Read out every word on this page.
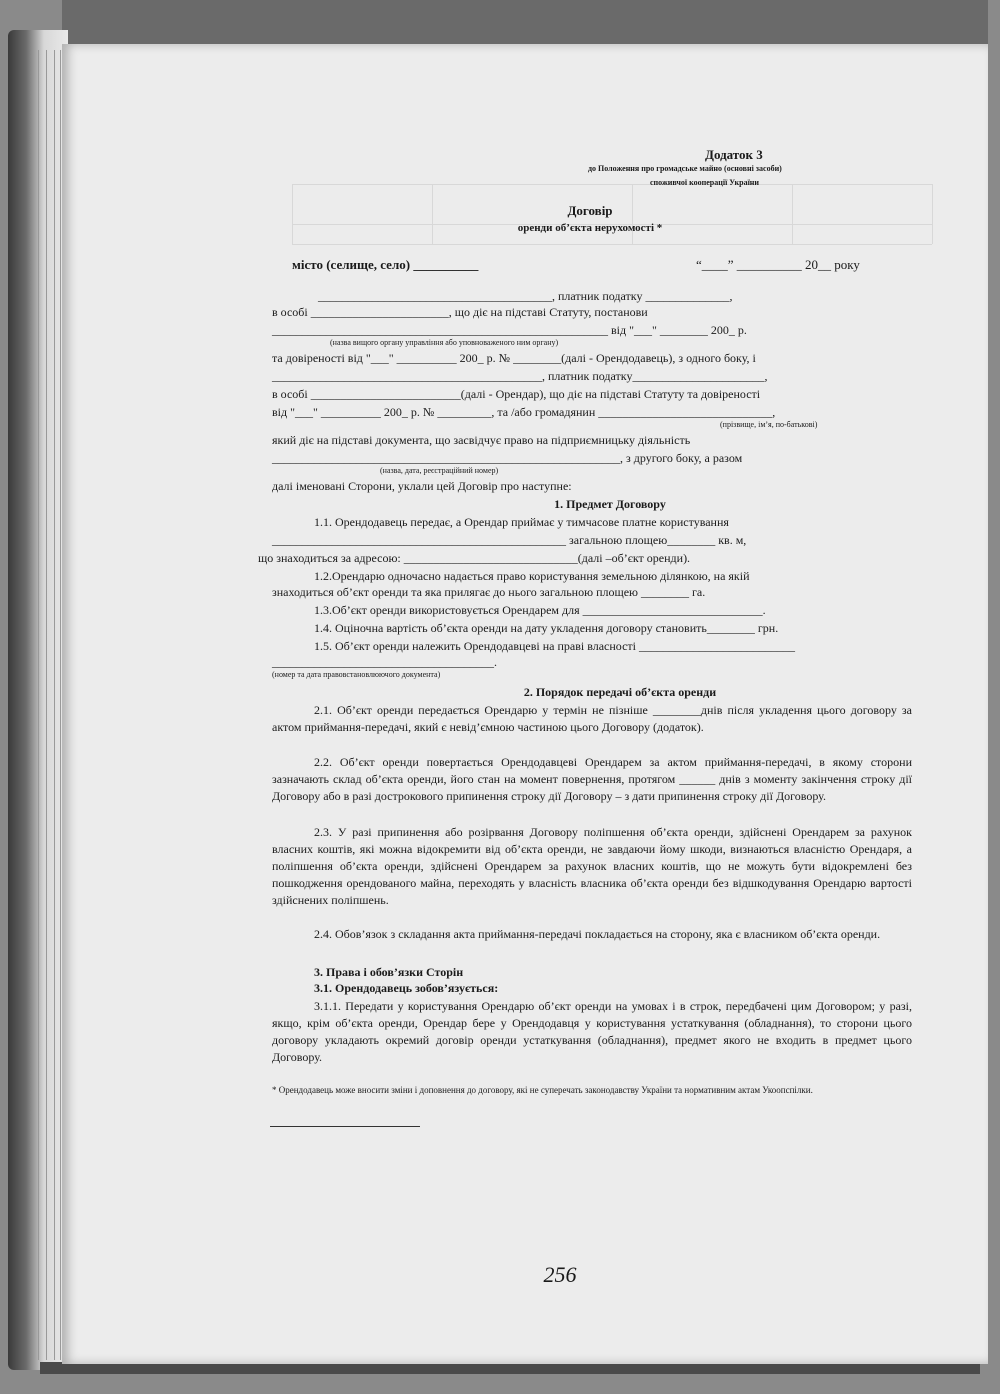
Додаток 3
до Положення про громадське майно (основні засоби)
споживчої кооперації України
Договір
оренди об’єкта нерухомості *
місто (селище, село) __________	“____” __________ 20__ року
_______________________________________, платник податку ______________,
в особі _______________________, що діє на підставі Статуту, постанови
________________________________________________________ від "___" ________ 200_ р.
(назва вищого органу управління або уповноваженого ним органу)
та довіреності від "___" __________ 200_ р. № ________(далі - Орендодавець), з одного боку, і
_____________________________________________, платник податку______________________,
в особі _________________________(далі - Орендар), що діє на підставі Статуту та довіреності
від "___" __________ 200_ р. № _________, та /або громадянин _____________________________,
(прізвище, ім’я, по-батькові)
який діє на підставі документа, що засвідчує право на підприємницьку діяльність
__________________________________________________________, з другого боку, а разом
(назва, дата, реєстраційний номер)
далі іменовані Сторони, уклали цей Договір про наступне:
1. Предмет Договору
1.1. Орендодавець передає, а Орендар приймає у тимчасове платне користування
_________________________________________________ загальною площею________ кв. м,
що знаходиться за адресою: _____________________________(далі –об’єкт оренди).
1.2.Орендарю одночасно надається право користування земельною ділянкою, на якій
знаходиться об’єкт оренди та яка прилягає до нього загальною площею ________ га.
1.3.Об’єкт оренди використовується Орендарем для ______________________________.
1.4. Оціночна вартість об’єкта оренди на дату укладення договору становить________ грн.
1.5. Об’єкт оренди належить Орендодавцеві на праві власності __________________________
_____________________________________.
(номер та дата правовстановлюючого документа)
2. Порядок передачі об’єкта оренди
2.1. Об’єкт оренди передається Орендарю у термін не пізніше ________днів після укладення цього договору за актом приймання-передачі, який є невід’ємною частиною цього Договору (додаток).
2.2. Об’єкт оренди повертається Орендодавцеві Орендарем за актом приймання-передачі, в якому сторони зазначають склад об’єкта оренди, його стан на момент повернення, протягом ______ днів з моменту закінчення строку дії Договору або в разі дострокового припинення строку дії Договору – з дати припинення строку дії Договору.
2.3. У разі припинення або розірвання Договору поліпшення об’єкта оренди, здійснені Орендарем за рахунок власних коштів, які можна відокремити від об’єкта оренди, не завдаючи йому шкоди, визнаються власністю Орендаря, а поліпшення об’єкта оренди, здійснені Орендарем за рахунок власних коштів, що не можуть бути відокремлені без пошкодження орендованого майна, переходять у власність власника об’єкта оренди без відшкодування Орендарю вартості здійснених поліпшень.
2.4. Обов’язок з складання акта приймання-передачі покладається на сторону, яка є власником об’єкта оренди.
3. Права і обов’язки Сторін
3.1. Орендодавець зобов’язується:
3.1.1. Передати у користування Орендарю об’єкт оренди на умовах і в строк, передбачені цим Договором; у разі, якщо, крім об’єкта оренди, Орендар бере у Орендодавця у користування устаткування (обладнання), то сторони цього договору укладають окремий договір оренди устаткування (обладнання), предмет якого не входить в предмет цього Договору.
* Орендодавець може вносити зміни і доповнення до договору, які не суперечать законодавству України та нормативним актам Укоопспілки.
256
